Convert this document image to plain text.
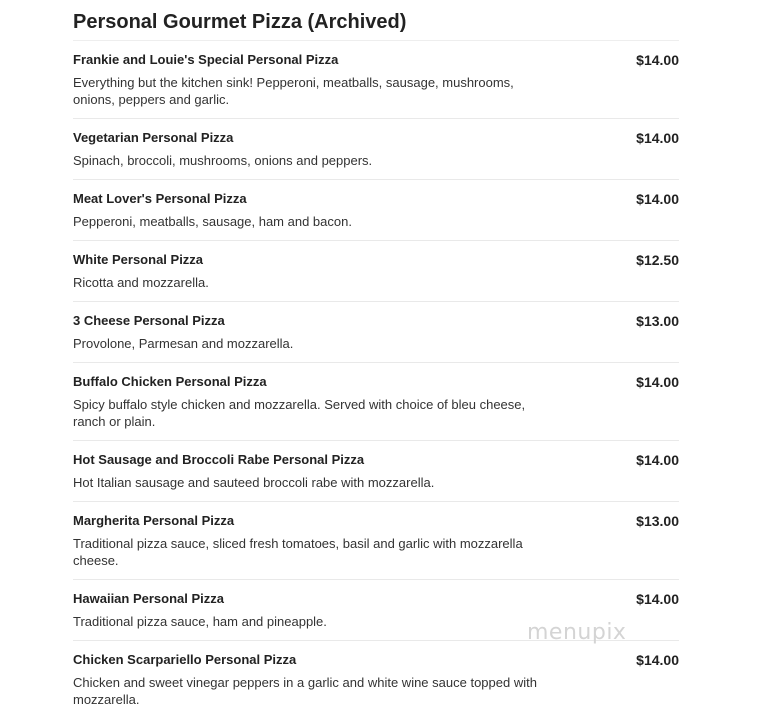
Personal Gourmet Pizza (Archived)
Frankie and Louie's Special Personal Pizza	$14.00
Everything but the kitchen sink! Pepperoni, meatballs, sausage, mushrooms, onions, peppers and garlic.
Vegetarian Personal Pizza	$14.00
Spinach, broccoli, mushrooms, onions and peppers.
Meat Lover's Personal Pizza	$14.00
Pepperoni, meatballs, sausage, ham and bacon.
White Personal Pizza	$12.50
Ricotta and mozzarella.
3 Cheese Personal Pizza	$13.00
Provolone, Parmesan and mozzarella.
Buffalo Chicken Personal Pizza	$14.00
Spicy buffalo style chicken and mozzarella. Served with choice of bleu cheese, ranch or plain.
Hot Sausage and Broccoli Rabe Personal Pizza	$14.00
Hot Italian sausage and sauteed broccoli rabe with mozzarella.
Margherita Personal Pizza	$13.00
Traditional pizza sauce, sliced fresh tomatoes, basil and garlic with mozzarella cheese.
Hawaiian Personal Pizza	$14.00
Traditional pizza sauce, ham and pineapple.
Chicken Scarpariello Personal Pizza	$14.00
Chicken and sweet vinegar peppers in a garlic and white wine sauce topped with mozzarella.
menupix
